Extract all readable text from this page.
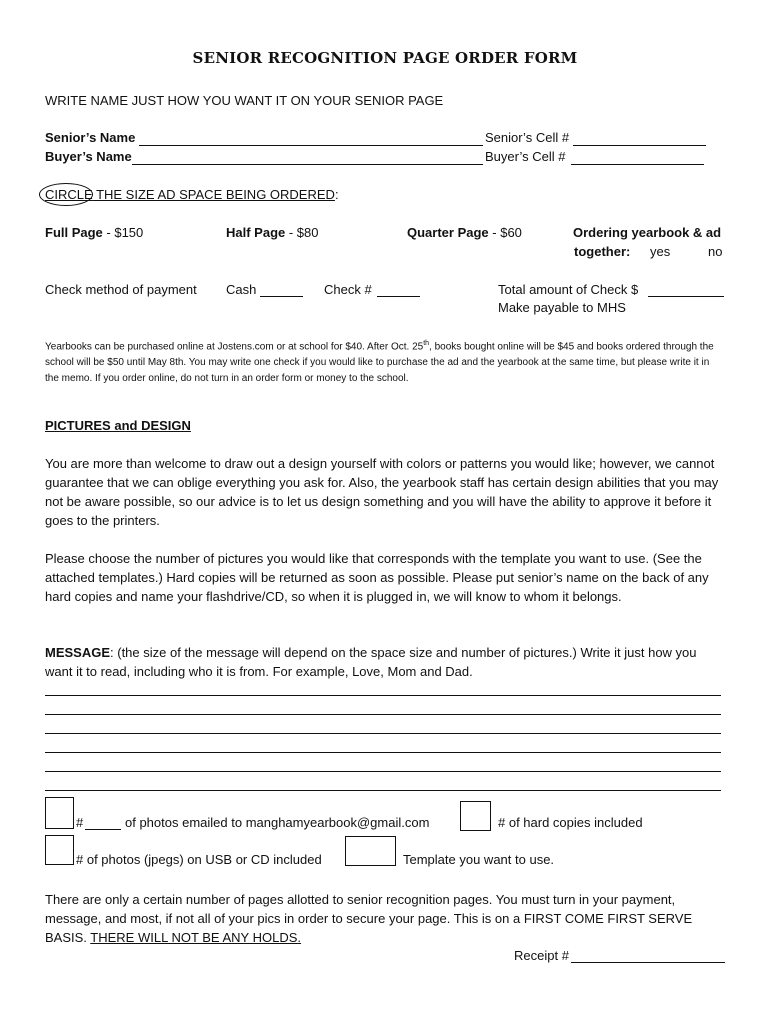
SENIOR RECOGNITION PAGE ORDER FORM
WRITE NAME JUST HOW YOU WANT IT ON YOUR SENIOR PAGE
Senior’s Name	Senior’s Cell #
Buyer’s Name	Buyer’s Cell #
CIRCLE THE SIZE AD SPACE BEING ORDERED:
Full Page - $150	Half Page - $80	Quarter Page - $60	Ordering yearbook & ad
together: yes	no
Check method of payment Cash	Check #	Total amount of Check $
Make payable to MHS
Yearbooks can be purchased online at Jostens.com or at school for $40. After Oct. 25th, books bought online will be $45 and books ordered through the school will be $50 until May 8th. You may write one check if you would like to purchase the ad and the yearbook at the same time, but please write it in the memo. If you order online, do not turn in an order form or money to the school.
PICTURES and DESIGN
You are more than welcome to draw out a design yourself with colors or patterns you would like; however, we cannot guarantee that we can oblige everything you ask for. Also, the yearbook staff has certain design abilities that you may not be aware possible, so our advice is to let us design something and you will have the ability to approve it before it goes to the printers.
Please choose the number of pictures you would like that corresponds with the template you want to use. (See the attached templates.) Hard copies will be returned as soon as possible. Please put senior’s name on the back of any hard copies and name your flashdrive/CD, so when it is plugged in, we will know to whom it belongs.
MESSAGE: (the size of the message will depend on the space size and number of pictures.) Write it just how you want it to read, including who it is from. For example, Love, Mom and Dad.
#	of photos emailed to manghamyearbook@gmail.com	# of hard copies included
# of photos (jpegs) on USB or CD included	Template you want to use.
There are only a certain number of pages allotted to senior recognition pages. You must turn in your payment, message, and most, if not all of your pics in order to secure your page. This is on a FIRST COME FIRST SERVE BASIS. THERE WILL NOT BE ANY HOLDS.
Receipt #
